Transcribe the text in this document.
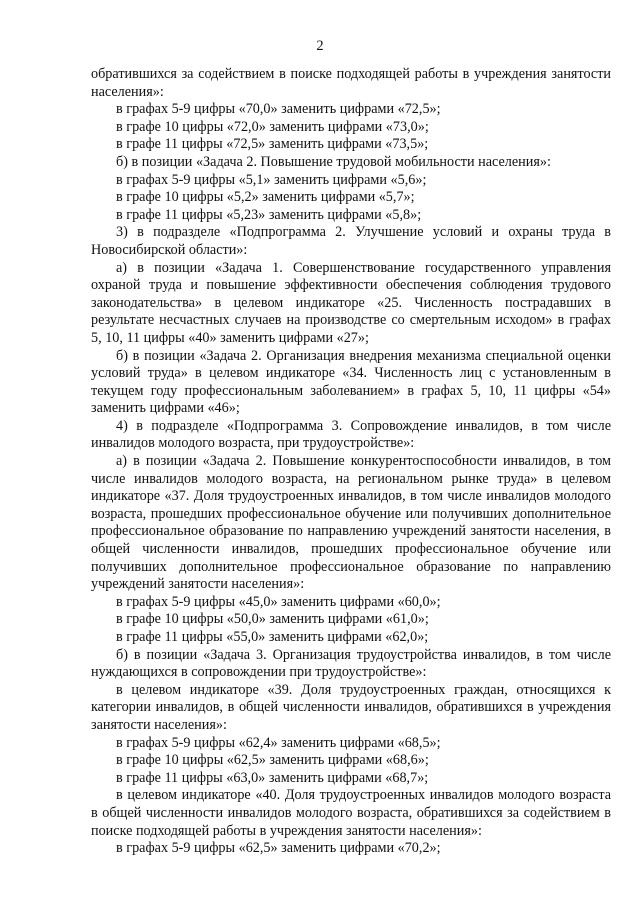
2

обратившихся за содействием в поиске подходящей работы в учреждения занятости населения»:

в графах 5-9 цифры «70,0» заменить цифрами «72,5»;

в графе 10 цифры «72,0» заменить цифрами «73,0»;

в графе 11 цифры «72,5» заменить цифрами «73,5»;

б) в позиции «Задача 2. Повышение трудовой мобильности населения»:

в графах 5-9 цифры «5,1» заменить цифрами «5,6»;

в графе 10 цифры «5,2» заменить цифрами «5,7»;

в графе 11 цифры «5,23» заменить цифрами «5,8»;

3) в подразделе «Подпрограмма 2. Улучшение условий и охраны труда в Новосибирской области»:

а) в позиции «Задача 1. Совершенствование государственного управления охраной труда и повышение эффективности обеспечения соблюдения трудового законодательства» в целевом индикаторе «25. Численность пострадавших в результате несчастных случаев на производстве со смертельным исходом» в графах 5, 10, 11 цифры «40» заменить цифрами «27»;

б) в позиции «Задача 2. Организация внедрения механизма специальной оценки условий труда» в целевом индикаторе «34. Численность лиц с установленным в текущем году профессиональным заболеванием» в графах 5, 10, 11 цифры «54» заменить цифрами «46»;

4) в подразделе «Подпрограмма 3. Сопровождение инвалидов, в том числе инвалидов молодого возраста, при трудоустройстве»:

а) в позиции «Задача 2. Повышение конкурентоспособности инвалидов, в том числе инвалидов молодого возраста, на региональном рынке труда» в целевом индикаторе «37. Доля трудоустроенных инвалидов, в том числе инвалидов молодого возраста, прошедших профессиональное обучение или получивших дополнительное профессиональное образование по направлению учреждений занятости населения, в общей численности инвалидов, прошедших профессиональное обучение или получивших дополнительное профессиональное образование по направлению учреждений занятости населения»:

в графах 5-9 цифры «45,0» заменить цифрами «60,0»;

в графе 10 цифры «50,0» заменить цифрами «61,0»;

в графе 11 цифры «55,0» заменить цифрами «62,0»;

б) в позиции «Задача 3. Организация трудоустройства инвалидов, в том числе нуждающихся в сопровождении при трудоустройстве»:

в целевом индикаторе «39. Доля трудоустроенных граждан, относящихся к категории инвалидов, в общей численности инвалидов, обратившихся в учреждения занятости населения»:

в графах 5-9 цифры «62,4» заменить цифрами «68,5»;

в графе 10 цифры «62,5» заменить цифрами «68,6»;

в графе 11 цифры «63,0» заменить цифрами «68,7»;

в целевом индикаторе «40. Доля трудоустроенных инвалидов молодого возраста в общей численности инвалидов молодого возраста, обратившихся за содействием в поиске подходящей работы в учреждения занятости населения»:

в графах 5-9 цифры «62,5» заменить цифрами «70,2»;
